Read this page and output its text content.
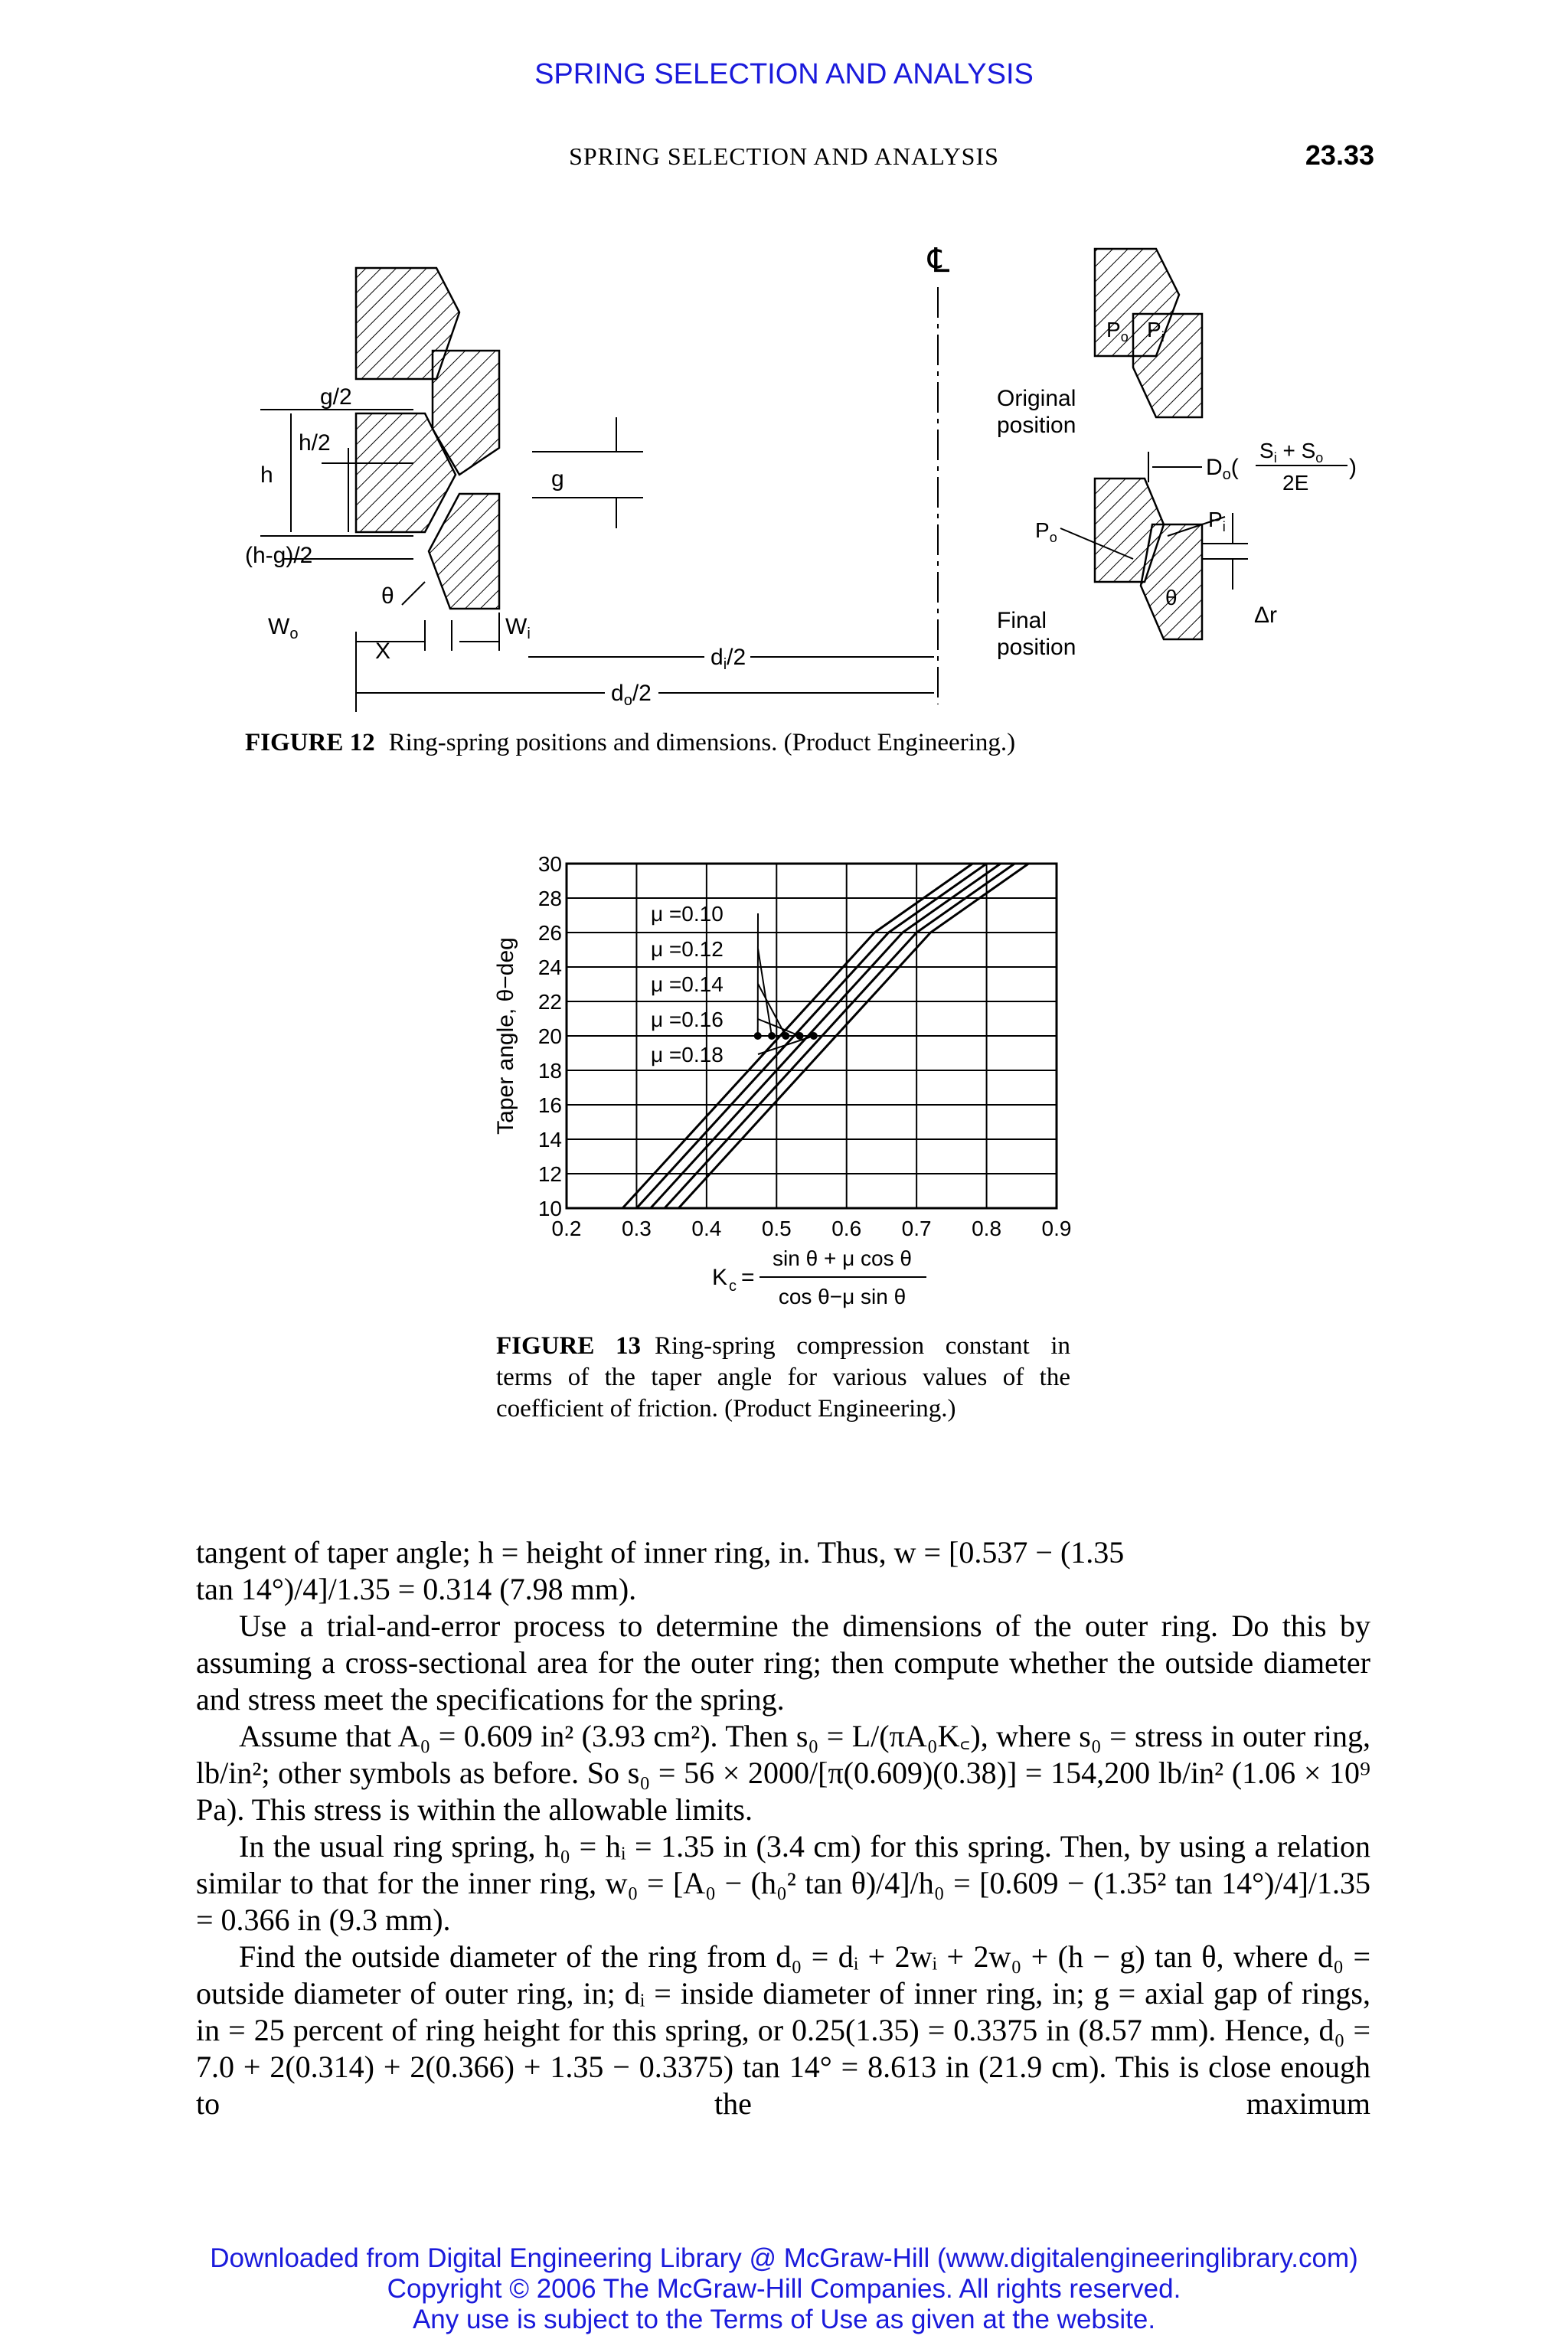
SPRING SELECTION AND ANALYSIS
SPRING SELECTION AND ANALYSIS	23.33
℄
g/2
h/2
h
(h-g)/2
g
θ
$W_o$
X
$W_i$
$d_i/2$
$d_o/2$
Original
position
Final
position
$P_o$ $P_i$
$P_o$
$P_i$
θ
Δr
$D_o$(
$S_i + S_o$
2E
)
FIGURE 12 Ring-spring positions and dimensions. (Product Engineering.)
0.2 0.3 0.4 0.5 0.6 0.7 0.8 0.9
10
12
14
16
18
20
22
24
26
28
30
Taper angle, θ−deg
μ =0.10
μ =0.12
μ =0.14
μ =0.16
μ =0.18
K c =
sin θ + μ cos θ
cos θ−μ sin θ
FIGURE 13 Ring-spring compression constant in terms of the taper angle for various values of the coefficient of friction. (Product Engineering.)

tangent of taper angle; h = height of inner ring, in. Thus, w = [0.537 − (1.35
tan 14°)/4]/1.35 = 0.314 (7.98 mm).

Use a trial-and-error process to determine the dimensions of the outer ring. Do this by assuming a cross-sectional area for the outer ring; then compute whether the outside diameter and stress meet the specifications for the spring.

Assume that A₀ = 0.609 in² (3.93 cm²). Then s₀ = L/(πA₀K꜀), where s₀ = stress in outer ring, lb/in²; other symbols as before. So s₀ = 56 × 2000/[π(0.609)(0.38)] = 154,200 lb/in² (1.06 × 10⁹ Pa). This stress is within the allowable limits.

In the usual ring spring, h₀ = hᵢ = 1.35 in (3.4 cm) for this spring. Then, by using a relation similar to that for the inner ring, w₀ = [A₀ − (h₀² tan θ)/4]/h₀ = [0.609 − (1.35² tan 14°)/4]/1.35 = 0.366 in (9.3 mm).

Find the outside diameter of the ring from d₀ = dᵢ + 2wᵢ + 2w₀ + (h − g) tan θ, where d₀ = outside diameter of outer ring, in; dᵢ = inside diameter of inner ring, in; g = axial gap of rings, in = 25 percent of ring height for this spring, or 0.25(1.35) = 0.3375 in (8.57 mm). Hence, d₀ = 7.0 + 2(0.314) + 2(0.366) + 1.35 − 0.3375) tan 14° = 8.613 in (21.9 cm). This is close enough to the maximum

Downloaded from Digital Engineering Library @ McGraw-Hill (www.digitalengineeringlibrary.com)
Copyright © 2006 The McGraw-Hill Companies. All rights reserved.
Any use is subject to the Terms of Use as given at the website.
